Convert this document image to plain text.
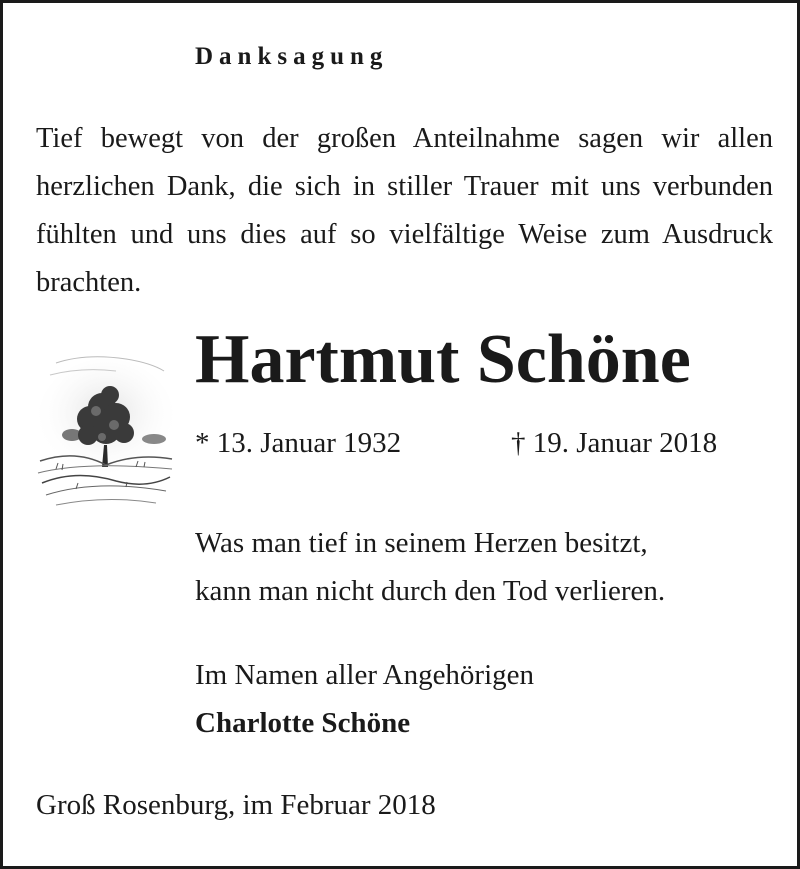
Danksagung
Tief bewegt von der großen Anteilnahme sagen wir allen herzlichen Dank, die sich in stiller Trauer mit uns verbunden fühlten und uns dies auf so vielfältige Weise zum Ausdruck brachten.
Hartmut Schöne
* 13. Januar 1932	† 19. Januar 2018
Was man tief in seinem Herzen besitzt,
kann man nicht durch den Tod verlieren.
Im Namen aller Angehörigen
Charlotte Schöne
Groß Rosenburg, im Februar 2018
